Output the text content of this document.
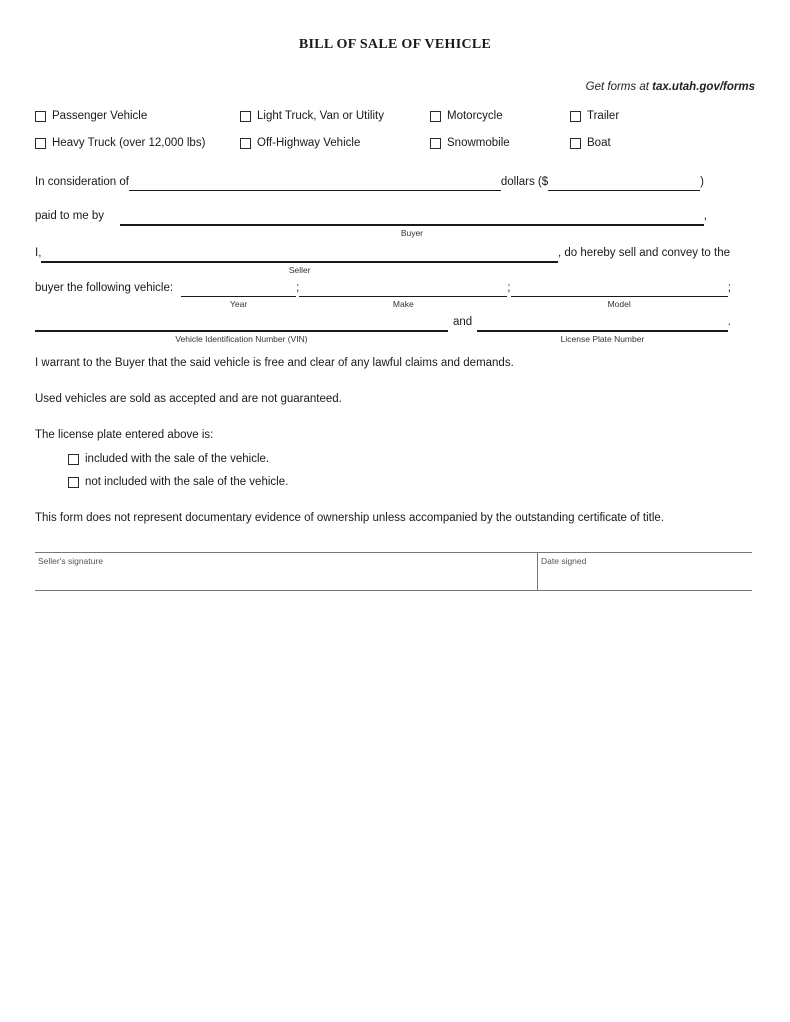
BILL OF SALE OF VEHICLE
Get forms at tax.utah.gov/forms
Passenger Vehicle	Light Truck, Van or Utility	Motorcycle	Trailer
Heavy Truck (over 12,000 lbs)	Off-Highway Vehicle	Snowmobile	Boat
In consideration of	dollars ($	)
paid to me by
Buyer
,
I,
Seller
, do hereby sell and convey to the
buyer the following vehicle:
Year
;
Make
;
Model
;
Vehicle Identification Number (VIN)
and
License Plate Number
.
I warrant to the Buyer that the said vehicle is free and clear of any lawful claims and demands.
Used vehicles are sold as accepted and are not guaranteed.
The license plate entered above is:
included with the sale of the vehicle.
not included with the sale of the vehicle.
This form does not represent documentary evidence of ownership unless accompanied by the outstanding certificate of title.
Seller's signature	Date signed
